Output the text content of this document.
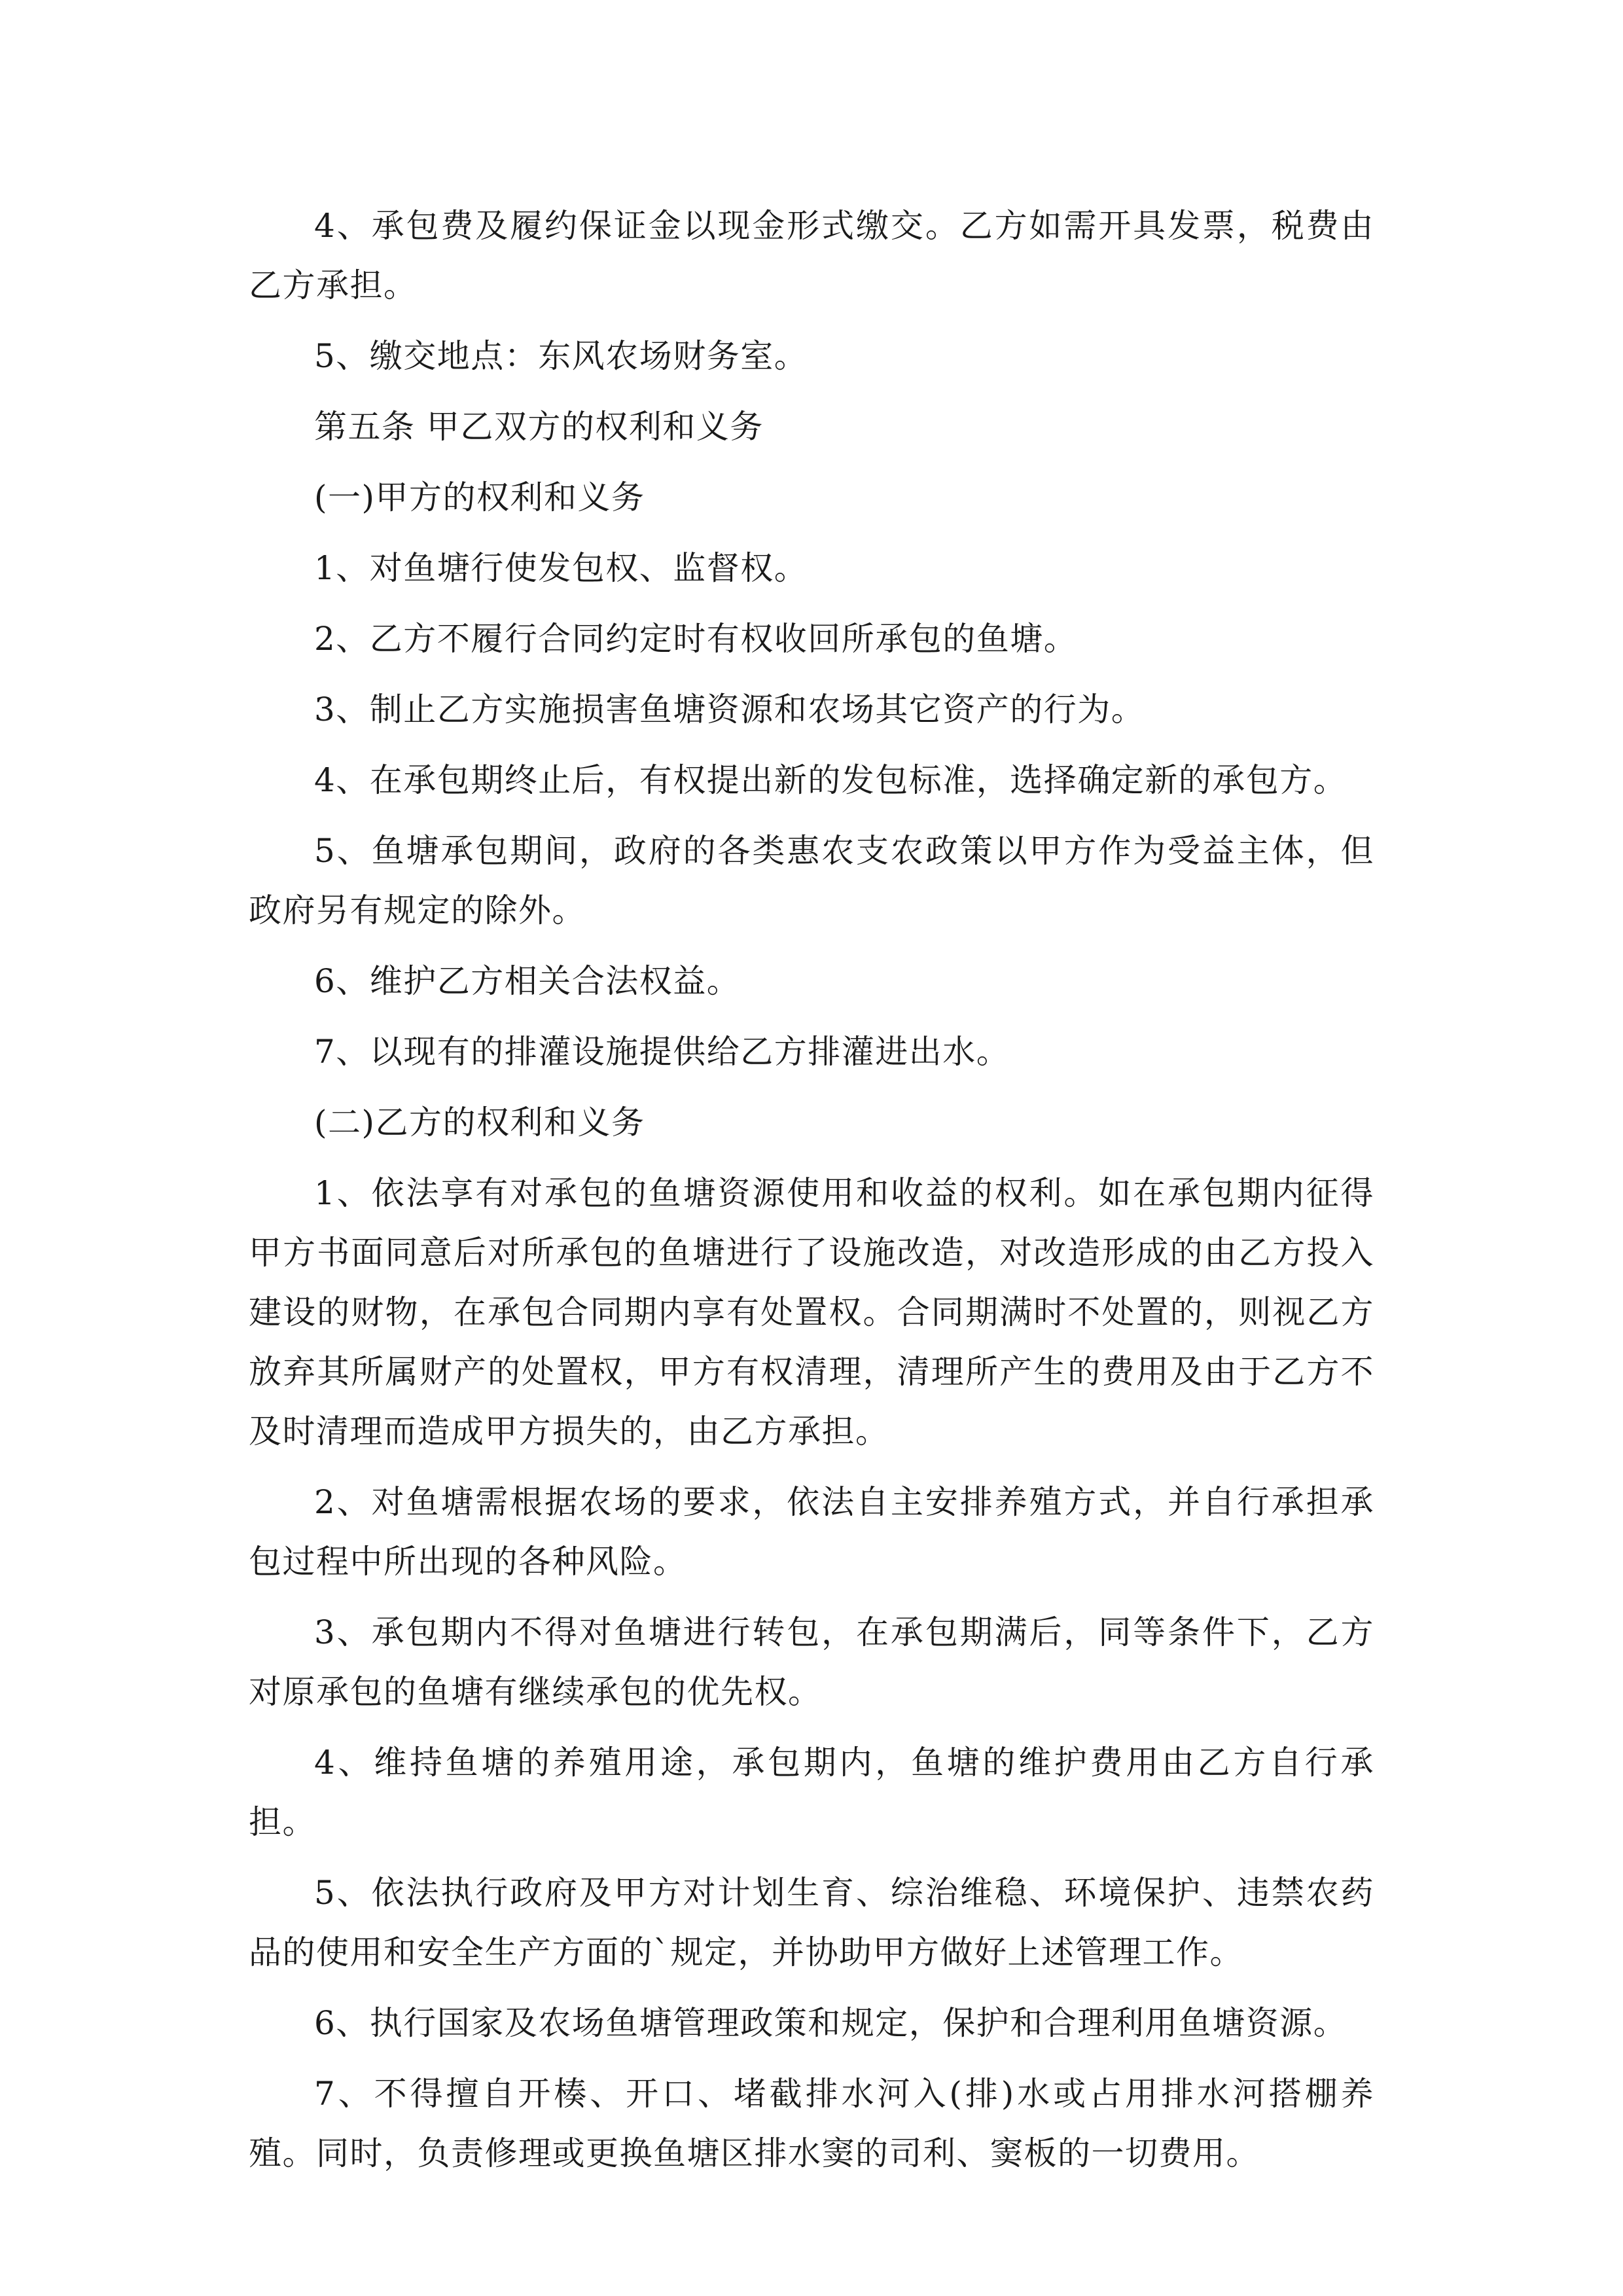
4、承包费及履约保证金以现金形式缴交。乙方如需开具发票，税费由乙方承担。

5、缴交地点：东风农场财务室。

第五条 甲乙双方的权利和义务

(一)甲方的权利和义务

1、对鱼塘行使发包权、监督权。

2、乙方不履行合同约定时有权收回所承包的鱼塘。

3、制止乙方实施损害鱼塘资源和农场其它资产的行为。

4、在承包期终止后，有权提出新的发包标准，选择确定新的承包方。

5、鱼塘承包期间，政府的各类惠农支农政策以甲方作为受益主体，但政府另有规定的除外。

6、维护乙方相关合法权益。

7、以现有的排灌设施提供给乙方排灌进出水。

(二)乙方的权利和义务

1、依法享有对承包的鱼塘资源使用和收益的权利。如在承包期内征得甲方书面同意后对所承包的鱼塘进行了设施改造，对改造形成的由乙方投入建设的财物，在承包合同期内享有处置权。合同期满时不处置的，则视乙方放弃其所属财产的处置权，甲方有权清理，清理所产生的费用及由于乙方不及时清理而造成甲方损失的，由乙方承担。

2、对鱼塘需根据农场的要求，依法自主安排养殖方式，并自行承担承包过程中所出现的各种风险。

3、承包期内不得对鱼塘进行转包，在承包期满后，同等条件下，乙方对原承包的鱼塘有继续承包的优先权。

4、维持鱼塘的养殖用途，承包期内，鱼塘的维护费用由乙方自行承担。

5、依法执行政府及甲方对计划生育、综治维稳、环境保护、违禁农药品的使用和安全生产方面的`规定，并协助甲方做好上述管理工作。

6、执行国家及农场鱼塘管理政策和规定，保护和合理利用鱼塘资源。

7、不得擅自开楱、开口、堵截排水河入(排)水或占用排水河搭棚养殖。同时，负责修理或更换鱼塘区排水窦的司利、窦板的一切费用。
